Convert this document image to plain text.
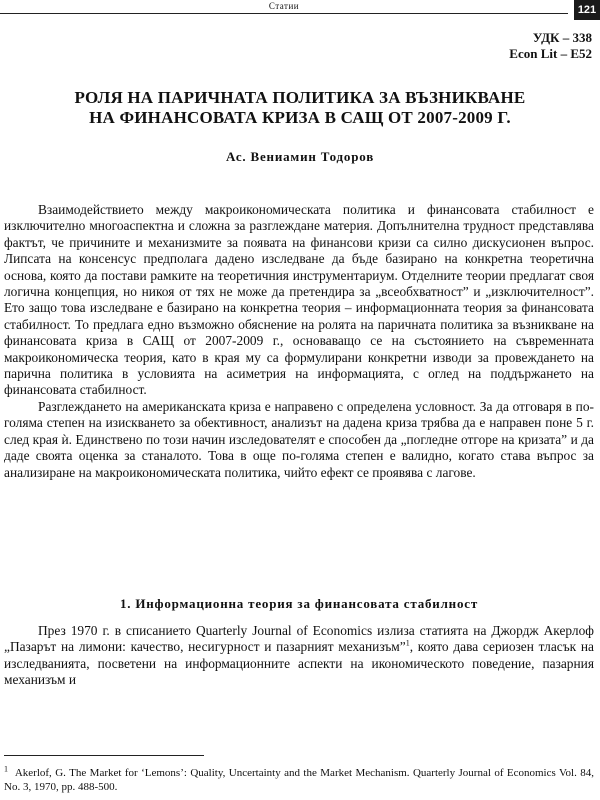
Статии	121
УДК – 338
Econ Lit – E52
РОЛЯ НА ПАРИЧНАТА ПОЛИТИКА ЗА ВЪЗНИКВАНЕ
НА ФИНАНСОВАТА КРИЗА В САЩ ОТ 2007-2009 Г.
Ас. Вениамин Тодоров

Взаимодействието между макроикономическата политика и финансовата стабилност е изключително многоаспектна и сложна за разглеждане материя. Допълнителна трудност представлява фактът, че причините и механизмите за появата на финансови кризи са силно дискусионен въпрос. Липсата на консенсус предполага дадено изследване да бъде базирано на конкретна теоретична основа, която да постави рамките на теоретичния инструментариум. Отделните теории предлагат своя логична концепция, но никоя от тях не може да претендира за „всеобхватност” и „изключителност”. Ето защо това изследване е базирано на конкретна теория – информационната теория за финансовата стабилност. То предлага едно възможно обяснение на ролята на паричната политика за възникване на финансовата криза в САЩ от 2007-2009 г., основаващо се на състоянието на съвременната макроикономическа теория, като в края му са формулирани конкретни изводи за провеждането на парична политика в условията на асиметрия на информацията, с оглед на поддържането на финансовата стабилност.

Разглеждането на американската криза е направено с определена условност. За да отговаря в по-голяма степен на изискването за обективност, анализът на дадена криза трябва да е направен поне 5 г. след края ѝ. Единствено по този начин изследователят е способен да „погледне отгоре на кризата” и да даде своята оценка за станалото. Това в още по-голяма степен е валидно, когато става въпрос за анализиране на макроикономическата политика, чийто ефект се проявява с лагове.

1. Информационна теория за финансовата стабилност

През 1970 г. в списанието Quarterly Journal of Economics излиза статията на Джордж Акерлоф „Пазарът на лимони: качество, несигурност и пазарният механизъм”$^1$, която дава сериозен тласък на изследванията, посветени на информационните аспекти на икономическото поведение, пазарния механизъм и

$^1$ Akerlof, G. The Market for ‘Lemons’: Quality, Uncertainty and the Market Mechanism. Quarterly Journal of Economics Vol. 84, No. 3, 1970, pp. 488-500.
